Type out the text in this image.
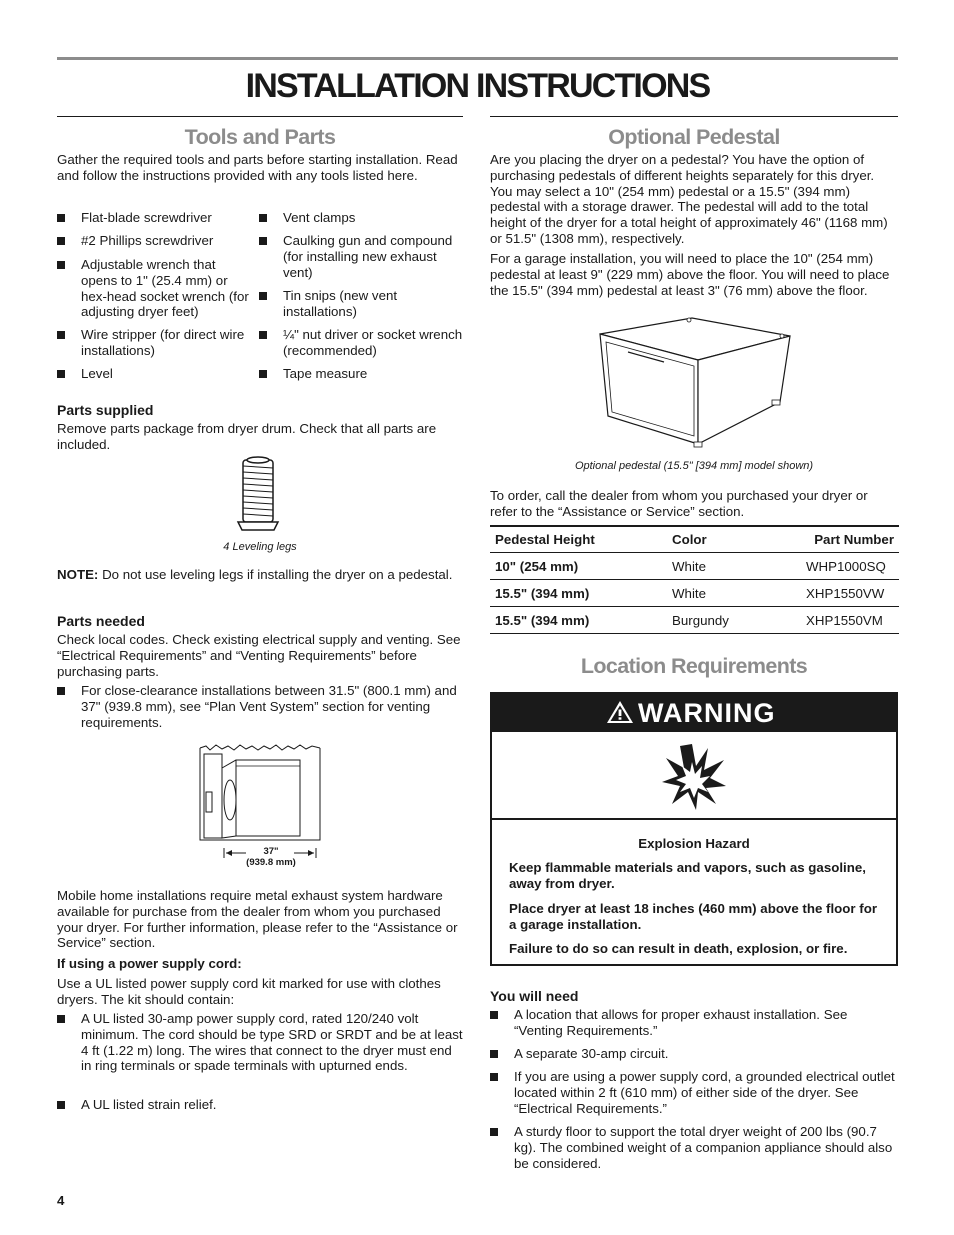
INSTALLATION INSTRUCTIONS
Tools and Parts
Gather the required tools and parts before starting installation. Read and follow the instructions provided with any tools listed here.
Flat-blade screwdriver
#2 Phillips screwdriver
Adjustable wrench that opens to 1" (25.4 mm) or hex-head socket wrench (for adjusting dryer feet)
Wire stripper (for direct wire installations)
Level
Vent clamps
Caulking gun and compound (for installing new exhaust vent)
Tin snips (new vent installations)
¼" nut driver or socket wrench (recommended)
Tape measure
Parts supplied
Remove parts package from dryer drum. Check that all parts are included.
4 Leveling legs
NOTE: Do not use leveling legs if installing the dryer on a pedestal.
Parts needed
Check local codes. Check existing electrical supply and venting. See “Electrical Requirements” and “Venting Requirements” before purchasing parts.
For close-clearance installations between 31.5" (800.1 mm) and 37" (939.8 mm), see “Plan Vent System” section for venting requirements.
37"
(939.8 mm)
Mobile home installations require metal exhaust system hardware available for purchase from the dealer from whom you purchased your dryer. For further information, please refer to the “Assistance or Service” section.
If using a power supply cord:
Use a UL listed power supply cord kit marked for use with clothes dryers. The kit should contain:
A UL listed 30-amp power supply cord, rated 120/240 volt minimum. The cord should be type SRD or SRDT and be at least 4 ft (1.22 m) long. The wires that connect to the dryer must end in ring terminals or spade terminals with upturned ends.
A UL listed strain relief.
Optional Pedestal
Are you placing the dryer on a pedestal? You have the option of purchasing pedestals of different heights separately for this dryer. You may select a 10" (254 mm) pedestal or a 15.5" (394 mm) pedestal with a storage drawer. The pedestal will add to the total height of the dryer for a total height of approximately 46" (1168 mm) or 51.5" (1308 mm), respectively.
For a garage installation, you will need to place the 10" (254 mm) pedestal at least 9" (229 mm) above the floor. You will need to place the 15.5" (394 mm) pedestal at least 3" (76 mm) above the floor.
Optional pedestal (15.5" [394 mm] model shown)
To order, call the dealer from whom you purchased your dryer or refer to the “Assistance or Service” section.
Pedestal Height	Color	Part Number
10" (254 mm)	White	WHP1000SQ
15.5" (394 mm)	White	XHP1550VW
15.5" (394 mm)	Burgundy	XHP1550VM
Location Requirements
WARNING
Explosion Hazard
Keep flammable materials and vapors, such as gasoline, away from dryer.
Place dryer at least 18 inches (460 mm) above the floor for a garage installation.
Failure to do so can result in death, explosion, or fire.
You will need
A location that allows for proper exhaust installation. See “Venting Requirements.”
A separate 30-amp circuit.
If you are using a power supply cord, a grounded electrical outlet located within 2 ft (610 mm) of either side of the dryer. See “Electrical Requirements.”
A sturdy floor to support the total dryer weight of 200 lbs (90.7 kg). The combined weight of a companion appliance should also be considered.
4
